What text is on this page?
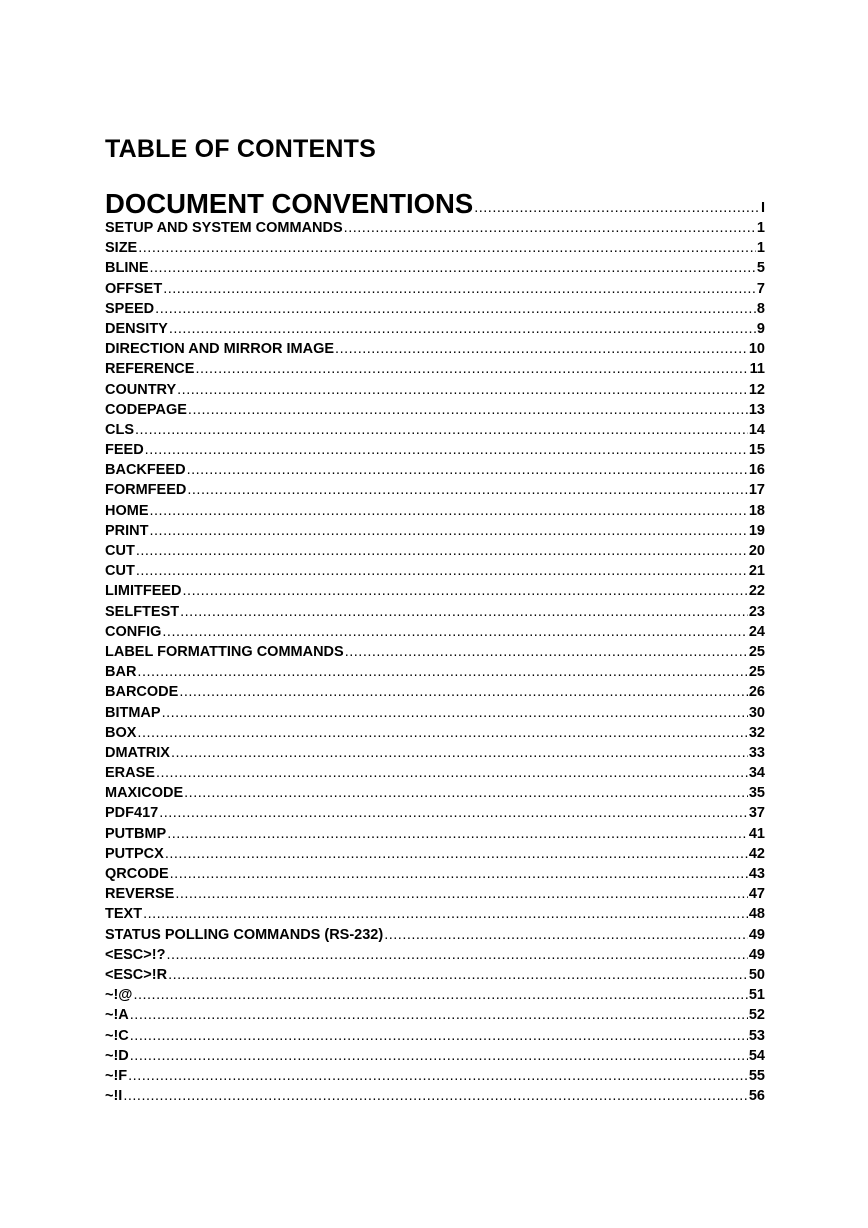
TABLE OF CONTENTS
DOCUMENT CONVENTIONS .....	I
SETUP AND SYSTEM COMMANDS .....	1
SIZE .....	1
BLINE .....	5
OFFSET .....	7
SPEED .....	8
DENSITY .....	9
DIRECTION AND MIRROR IMAGE .....	10
REFERENCE .....	11
COUNTRY .....	12
CODEPAGE .....	13
CLS .....	14
FEED .....	15
BACKFEED .....	16
FORMFEED .....	17
HOME .....	18
PRINT .....	19
CUT .....	20
CUT .....	21
LIMITFEED .....	22
SELFTEST .....	23
CONFIG .....	24
LABEL FORMATTING COMMANDS .....	25
BAR .....	25
BARCODE .....	26
BITMAP .....	30
BOX .....	32
DMATRIX .....	33
ERASE .....	34
MAXICODE .....	35
PDF417 .....	37
PUTBMP .....	41
PUTPCX .....	42
QRCODE .....	43
REVERSE .....	47
TEXT .....	48
STATUS POLLING COMMANDS (RS-232) .....	49
<ESC>!? .....	49
<ESC>!R .....	50
~!@ .....	51
~!A .....	52
~!C .....	53
~!D .....	54
~!F .....	55
~!I .....	56
